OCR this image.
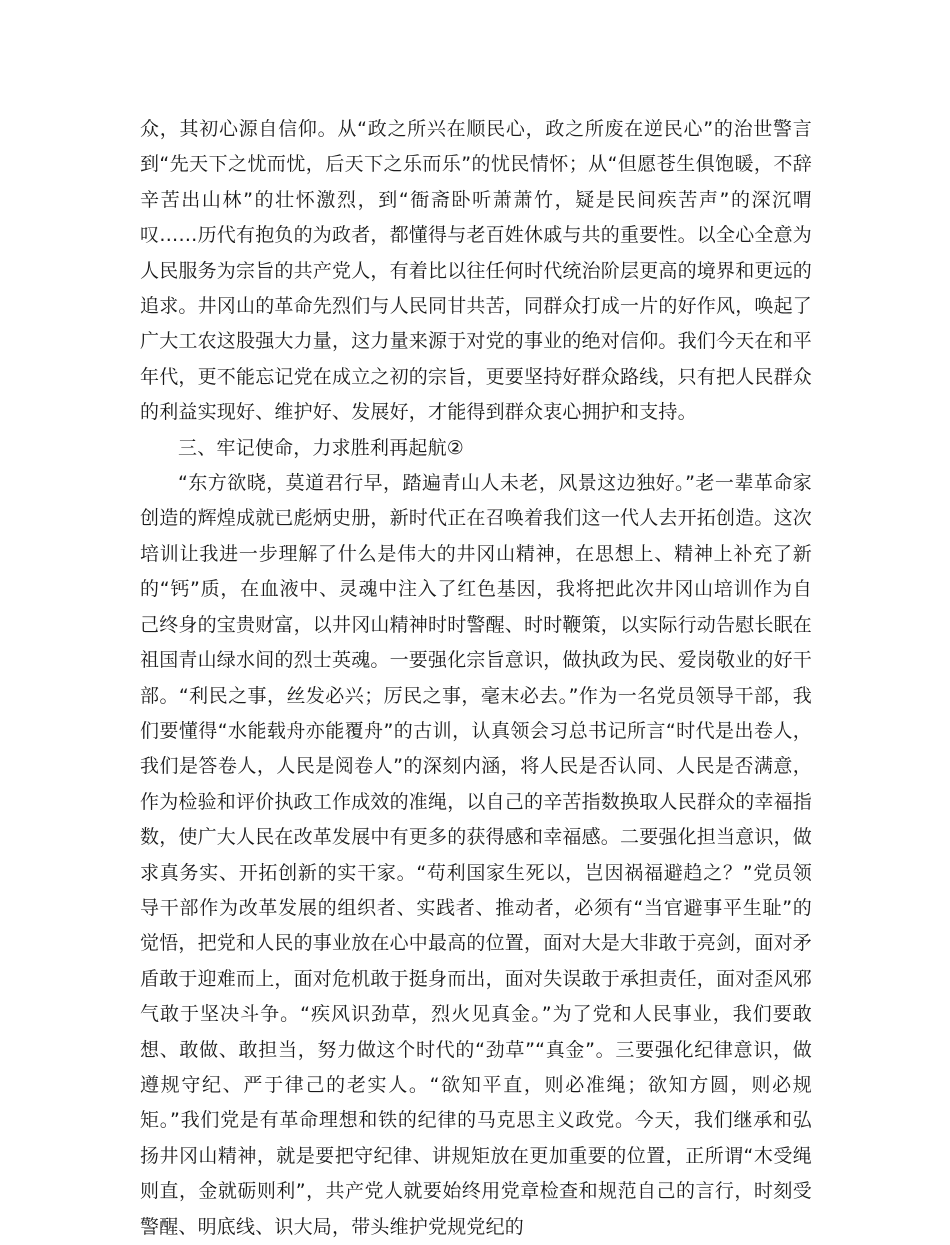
众，其初心源自信仰。从“政之所兴在顺民心，政之所废在逆民心”的治世警言到“先天下之忧而忧，后天下之乐而乐”的忧民情怀；从“但愿苍生俱饱暖，不辞辛苦出山林”的壮怀激烈，到“衙斋卧听萧萧竹，疑是民间疾苦声”的深沉喟叹……历代有抱负的为政者，都懂得与老百姓休戚与共的重要性。以全心全意为人民服务为宗旨的共产党人，有着比以往任何时代统治阶层更高的境界和更远的追求。井冈山的革命先烈们与人民同甘共苦，同群众打成一片的好作风，唤起了广大工农这股强大力量，这力量来源于对党的事业的绝对信仰。我们今天在和平年代，更不能忘记党在成立之初的宗旨，更要坚持好群众路线，只有把人民群众的利益实现好、维护好、发展好，才能得到群众衷心拥护和支持。

三、牢记使命，力求胜利再起航②

“东方欲晓，莫道君行早，踏遍青山人未老，风景这边独好。”老一辈革命家创造的辉煌成就已彪炳史册，新时代正在召唤着我们这一代人去开拓创造。这次培训让我进一步理解了什么是伟大的井冈山精神，在思想上、精神上补充了新的“钙”质，在血液中、灵魂中注入了红色基因，我将把此次井冈山培训作为自己终身的宝贵财富，以井冈山精神时时警醒、时时鞭策，以实际行动告慰长眠在祖国青山绿水间的烈士英魂。一要强化宗旨意识，做执政为民、爱岗敬业的好干部。“利民之事，丝发必兴；厉民之事，毫末必去。”作为一名党员领导干部，我们要懂得“水能载舟亦能覆舟”的古训，认真领会习总书记所言“时代是出卷人，我们是答卷人，人民是阅卷人”的深刻内涵，将人民是否认同、人民是否满意，作为检验和评价执政工作成效的准绳，以自己的辛苦指数换取人民群众的幸福指数，使广大人民在改革发展中有更多的获得感和幸福感。二要强化担当意识，做求真务实、开拓创新的实干家。“苟利国家生死以，岂因祸福避趋之？”党员领导干部作为改革发展的组织者、实践者、推动者，必须有“当官避事平生耻”的觉悟，把党和人民的事业放在心中最高的位置，面对大是大非敢于亮剑，面对矛盾敢于迎难而上，面对危机敢于挺身而出，面对失误敢于承担责任，面对歪风邪气敢于坚决斗争。“疾风识劲草，烈火见真金。”为了党和人民事业，我们要敢想、敢做、敢担当，努力做这个时代的“劲草”“真金”。三要强化纪律意识，做遵规守纪、严于律己的老实人。“欲知平直，则必准绳；欲知方圆，则必规矩。”我们党是有革命理想和铁的纪律的马克思主义政党。今天，我们继承和弘扬井冈山精神，就是要把守纪律、讲规矩放在更加重要的位置，正所谓“木受绳则直，金就砺则利”，共产党人就要始终用党章检查和规范自己的言行，时刻受警醒、明底线、识大局，带头维护党规党纪的
